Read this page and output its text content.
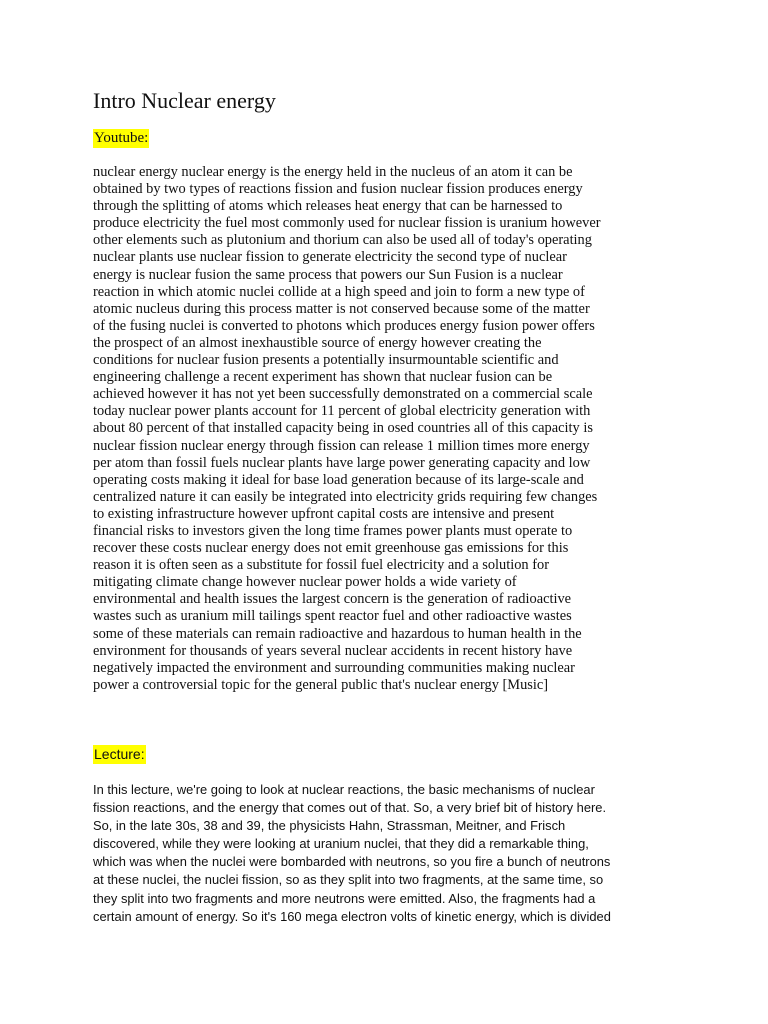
Intro Nuclear energy
Youtube:

nuclear energy nuclear energy is the energy held in the nucleus of an atom it can be
obtained by two types of reactions fission and fusion nuclear fission produces energy
through the splitting of atoms which releases heat energy that can be harnessed to
produce electricity the fuel most commonly used for nuclear fission is uranium however
other elements such as plutonium and thorium can also be used all of today's operating
nuclear plants use nuclear fission to generate electricity the second type of nuclear
energy is nuclear fusion the same process that powers our Sun Fusion is a nuclear
reaction in which atomic nuclei collide at a high speed and join to form a new type of
atomic nucleus during this process matter is not conserved because some of the matter
of the fusing nuclei is converted to photons which produces energy fusion power offers
the prospect of an almost inexhaustible source of energy however creating the
conditions for nuclear fusion presents a potentially insurmountable scientific and
engineering challenge a recent experiment has shown that nuclear fusion can be
achieved however it has not yet been successfully demonstrated on a commercial scale
today nuclear power plants account for 11 percent of global electricity generation with
about 80 percent of that installed capacity being in osed countries all of this capacity is
nuclear fission nuclear energy through fission can release 1 million times more energy
per atom than fossil fuels nuclear plants have large power generating capacity and low
operating costs making it ideal for base load generation because of its large-scale and
centralized nature it can easily be integrated into electricity grids requiring few changes
to existing infrastructure however upfront capital costs are intensive and present
financial risks to investors given the long time frames power plants must operate to
recover these costs nuclear energy does not emit greenhouse gas emissions for this
reason it is often seen as a substitute for fossil fuel electricity and a solution for
mitigating climate change however nuclear power holds a wide variety of
environmental and health issues the largest concern is the generation of radioactive
wastes such as uranium mill tailings spent reactor fuel and other radioactive wastes
some of these materials can remain radioactive and hazardous to human health in the
environment for thousands of years several nuclear accidents in recent history have
negatively impacted the environment and surrounding communities making nuclear
power a controversial topic for the general public that's nuclear energy [Music]

Lecture:

In this lecture, we're going to look at nuclear reactions, the basic mechanisms of nuclear
fission reactions, and the energy that comes out of that. So, a very brief bit of history here.
So, in the late 30s, 38 and 39, the physicists Hahn, Strassman, Meitner, and Frisch
discovered, while they were looking at uranium nuclei, that they did a remarkable thing,
which was when the nuclei were bombarded with neutrons, so you fire a bunch of neutrons
at these nuclei, the nuclei fission, so as they split into two fragments, at the same time, so
they split into two fragments and more neutrons were emitted. Also, the fragments had a
certain amount of energy. So it's 160 mega electron volts of kinetic energy, which is divided
